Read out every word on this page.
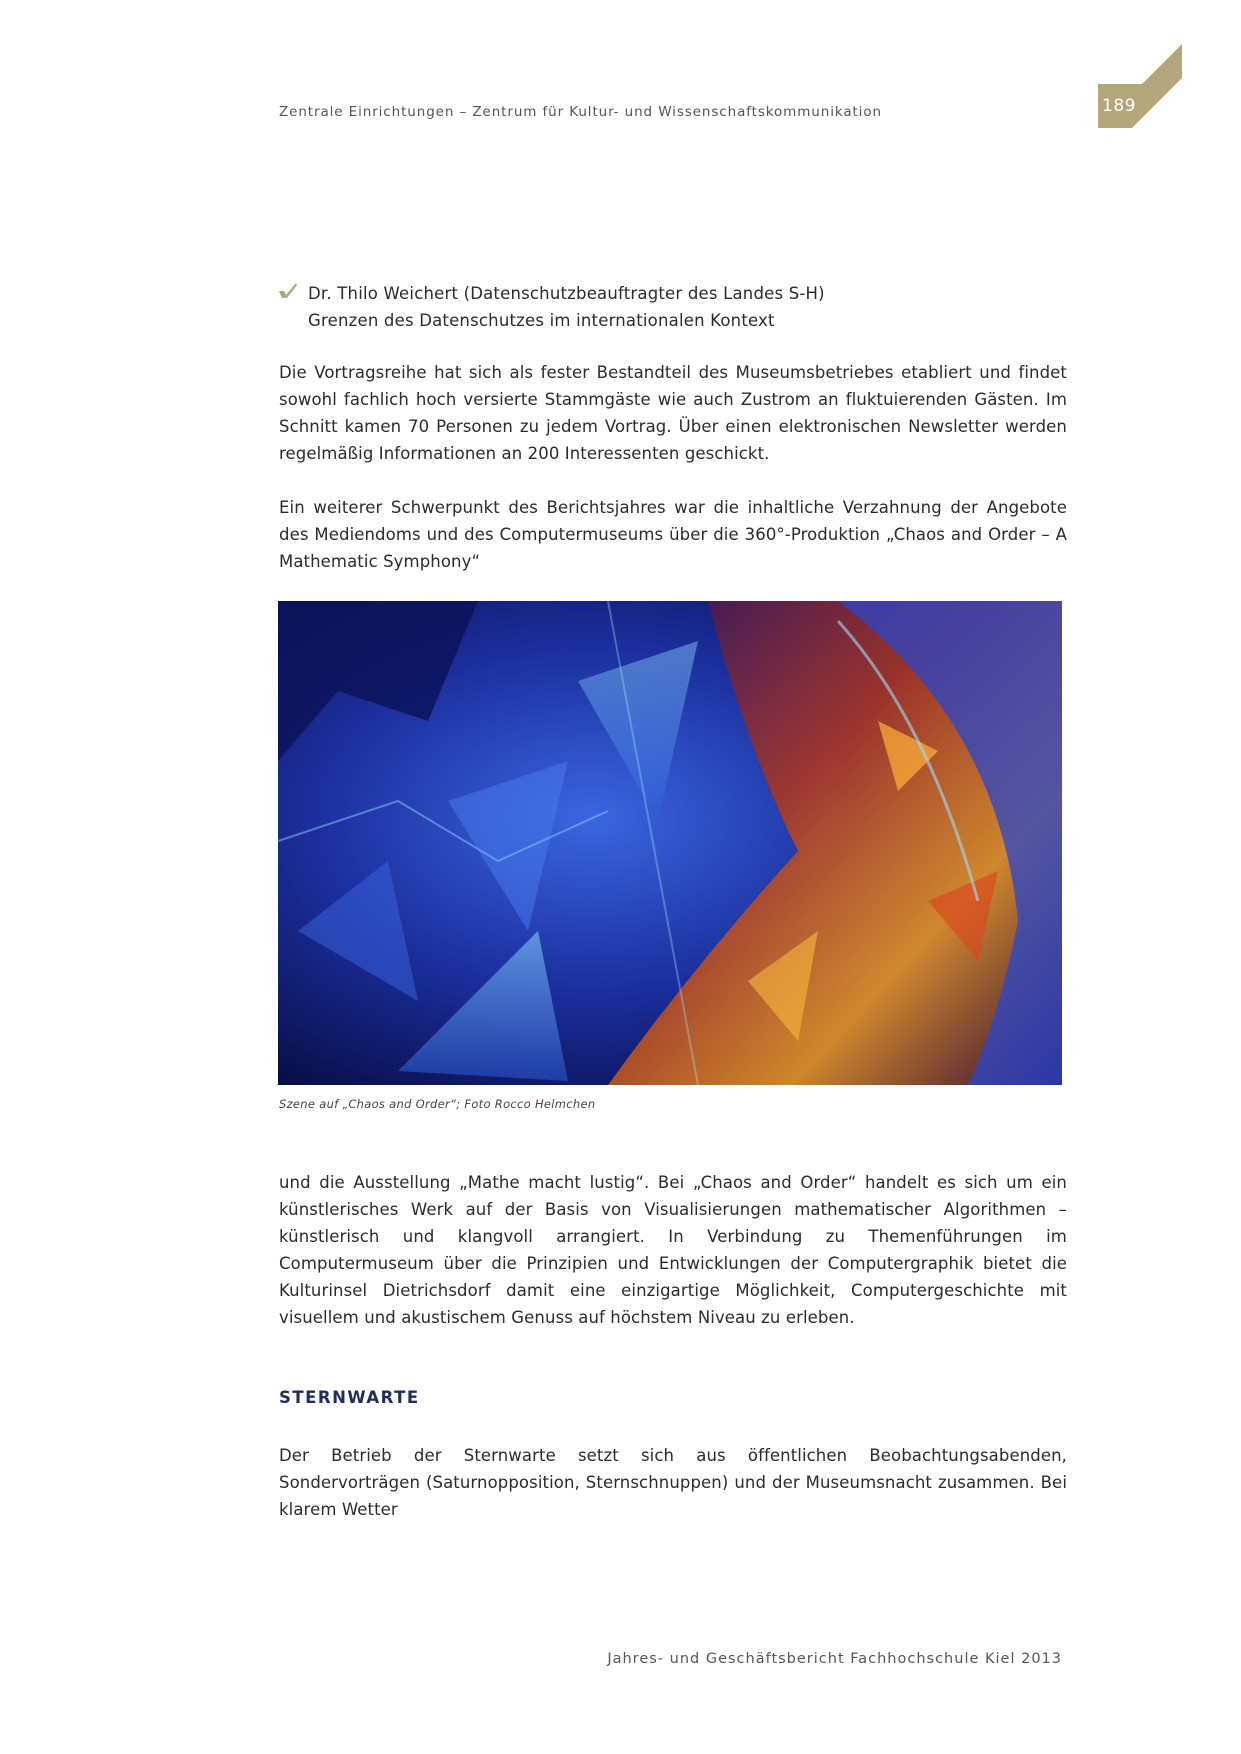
Zentrale Einrichtungen – Zentrum für Kultur- und Wissenschaftskommunikation	189
Dr. Thilo Weichert (Datenschutzbeauftragter des Landes S-H)
Grenzen des Datenschutzes im internationalen Kontext

Die Vortragsreihe hat sich als fester Bestandteil des Museumsbetriebes etabliert und findet sowohl fachlich hoch versierte Stammgäste wie auch Zustrom an fluktuierenden Gästen. Im Schnitt kamen 70 Personen zu jedem Vortrag. Über einen elektronischen Newsletter werden regelmäßig Informationen an 200 Interessenten geschickt.

Ein weiterer Schwerpunkt des Berichtsjahres war die inhaltliche Verzahnung der Angebote des Mediendoms und des Computermuseums über die 360°-Produktion „Chaos and Order – A Mathematic Symphony“

Szene auf „Chaos and Order“; Foto Rocco Helmchen

und die Ausstellung „Mathe macht lustig“. Bei „Chaos and Order“ handelt es sich um ein künstlerisches Werk auf der Basis von Visualisierungen mathematischer Algorithmen – künstlerisch und klangvoll arrangiert. In Verbindung zu Themenführungen im Computermuseum über die Prinzipien und Entwicklungen der Computergraphik bietet die Kulturinsel Dietrichsdorf damit eine einzigartige Möglichkeit, Computergeschichte mit visuellem und akustischem Genuss auf höchstem Niveau zu erleben.

STERNWARTE

Der Betrieb der Sternwarte setzt sich aus öffentlichen Beobachtungsabenden, Sondervorträgen (Saturnopposition, Sternschnuppen) und der Museumsnacht zusammen. Bei klarem Wetter

Jahres- und Geschäftsbericht Fachhochschule Kiel 2013
